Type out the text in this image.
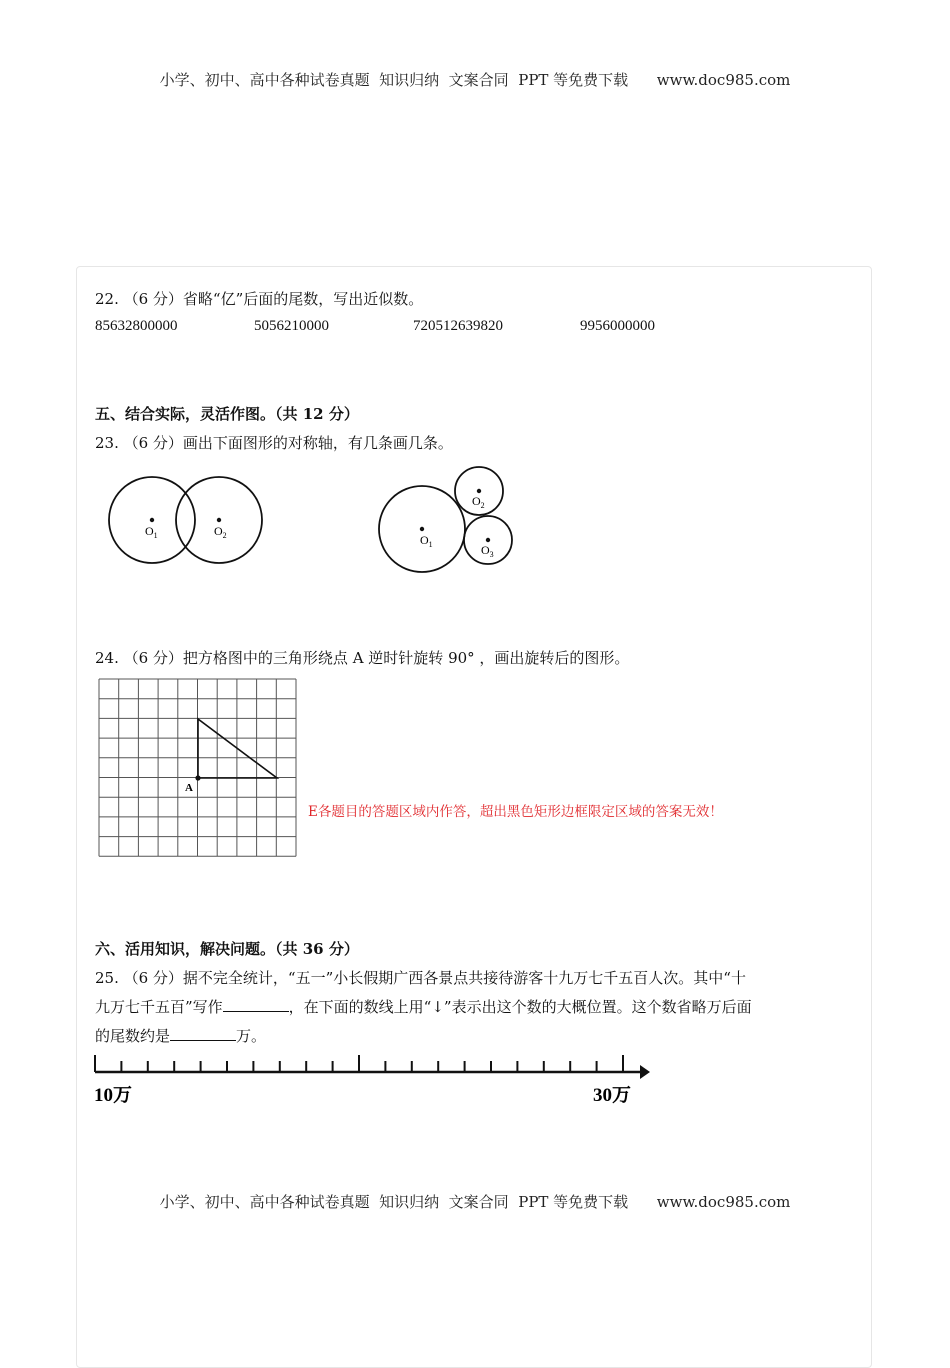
小学、初中、高中各种试卷真题  知识归纳  文案合同  PPT 等免费下载      www.doc985.com
22. （6 分）省略“亿”后面的尾数，写出近似数。
85632800000	5056210000	720512639820	9956000000
五、结合实际，灵活作图。（共 12 分）
23. （6 分）画出下面图形的对称轴，有几条画几条。
$O_1$	$O_2$	$O_1$
$O_2$
$O_3$
24. （6 分）把方格图中的三角形绕点 A 逆时针旋转 90° ，画出旋转后的图形。
A
E各题目的答题区域内作答，超出黑色矩形边框限定区域的答案无效！
六、活用知识，解决问题。（共 36 分）
25. （6 分）据不完全统计，“五一”小长假期广西各景点共接待游客十九万七千五百人次。其中“十
九万七千五百”写作	，在下面的数线上用“↓”表示出这个数的大概位置。这个数省略万后面
的尾数约是	万。
10万	30万
小学、初中、高中各种试卷真题  知识归纳  文案合同  PPT 等免费下载      www.doc985.com
